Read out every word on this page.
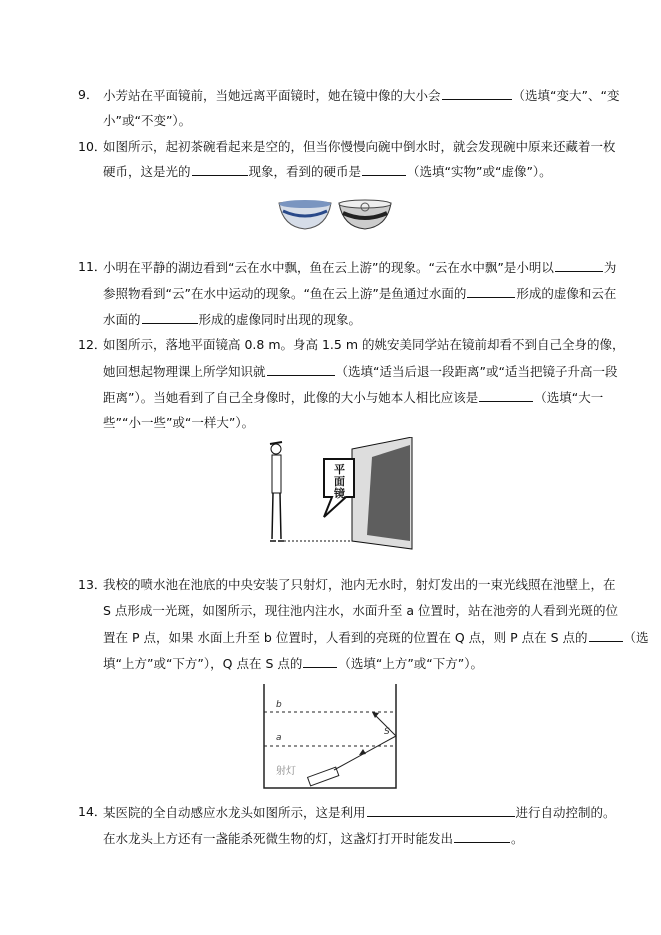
9． 小芳站在平面镜前，当她远离平面镜时，她在镜中像的大小会	（选填“变大”、“变
小”或“不变”）。
10．
如图所示，起初茶碗看起来是空的，但当你慢慢向碗中倒水时，就会发现碗中原来还藏着一枚
硬币，这是光的	现象，看到的硬币是	（选填“实物”或“虚像”）。
11．
小明在平静的湖边看到“云在水中飘，鱼在云上游”的现象。“云在水中飘”是小明以	为
参照物看到“云”在水中运动的现象。“鱼在云上游”是鱼通过水面的	形成的虚像和云在
水面的	形成的虚像同时出现的现象。
12．
如图所示，落地平面镜高 0.8 m。身高 1.5 m 的姚安美同学站在镜前却看不到自己全身的像，
她回想起物理课上所学知识就	（选填“适当后退一段距离”或“适当把镜子升高一段
距离”）。当她看到了自己全身像时，此像的大小与她本人相比应该是	（选填“大一
些”“小一些”或“一样大”）。
平
面
镜
13．
我校的喷水池在池底的中央安装了只射灯，池内无水时，射灯发出的一束光线照在池壁上，在
S 点形成一光斑，如图所示，现往池内注水，水面升至 a 位置时，站在池旁的人看到光斑的位
置在 P 点，如果 水面上升至 b 位置时，人看到的亮斑的位置在 Q 点，则 P 点在 S 点的	（选
填“上方”或“下方”），Q 点在 S 点的	（选填“上方”或“下方”）。
b
a
S
射灯
14．
某医院的全自动感应水龙头如图所示，这是利用	进行自动控制的。
在水龙头上方还有一盏能杀死微生物的灯，这盏灯打开时能发出	。
